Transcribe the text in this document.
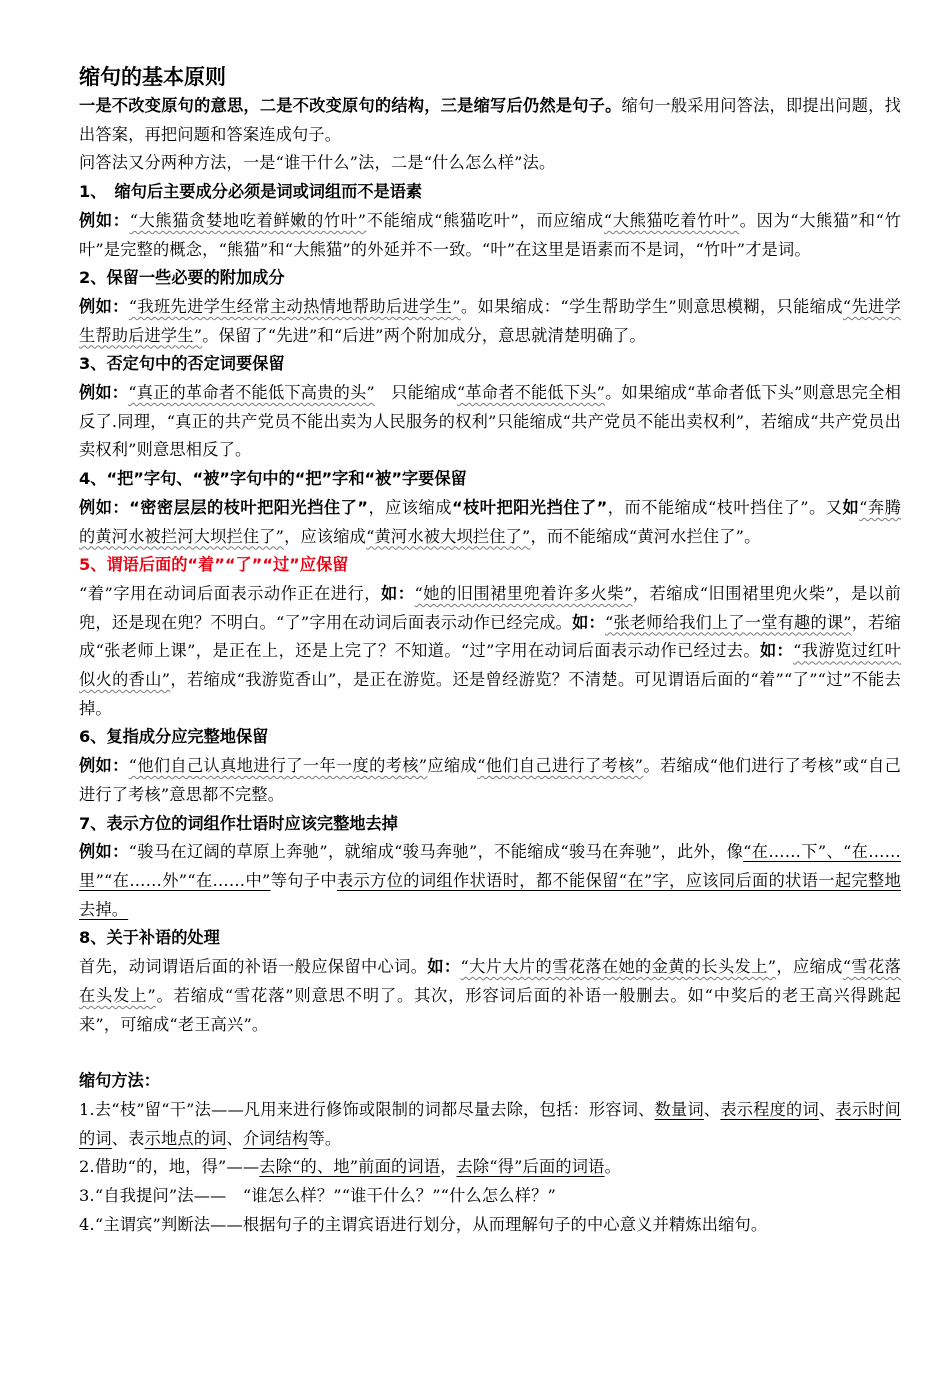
缩句的基本原则

一是不改变原句的意思，二是不改变原句的结构，三是缩写后仍然是句子。缩句一般采用问答法，即提出问题，找出答案，再把问题和答案连成句子。

问答法又分两种方法，一是“谁干什么”法，二是“什么怎么样”法。

1、　缩句后主要成分必须是词或词组而不是语素

例如：“大熊猫贪婪地吃着鲜嫩的竹叶”不能缩成“熊猫吃叶”，而应缩成“大熊猫吃着竹叶”。因为“大熊猫”和“竹叶”是完整的概念，“熊猫”和“大熊猫”的外延并不一致。“叶”在这里是语素而不是词，“竹叶”才是词。

2、保留一些必要的附加成分

例如：“我班先进学生经常主动热情地帮助后进学生”。如果缩成：“学生帮助学生”则意思模糊，只能缩成“先进学生帮助后进学生”。保留了“先进”和“后进”两个附加成分，意思就清楚明确了。

3、否定句中的否定词要保留

例如：“真正的革命者不能低下高贵的头”　只能缩成“革命者不能低下头”。如果缩成“革命者低下头”则意思完全相反了.同理，“真正的共产党员不能出卖为人民服务的权利”只能缩成“共产党员不能出卖权利”，若缩成“共产党员出卖权利”则意思相反了。

4、“把”字句、“被”字句中的“把”字和“被”字要保留

例如：“密密层层的枝叶把阳光挡住了”，应该缩成“枝叶把阳光挡住了”，而不能缩成“枝叶挡住了”。又如“奔腾的黄河水被拦河大坝拦住了”，应该缩成“黄河水被大坝拦住了”，而不能缩成“黄河水拦住了”。

5、谓语后面的“着”“了”“过”应保留

“着”字用在动词后面表示动作正在进行，如：“她的旧围裙里兜着许多火柴”，若缩成“旧围裙里兜火柴”，是以前兜，还是现在兜？不明白。“了”字用在动词后面表示动作已经完成。如：“张老师给我们上了一堂有趣的课”，若缩成“张老师上课”，是正在上，还是上完了？不知道。“过”字用在动词后面表示动作已经过去。如：“我游览过红叶似火的香山”，若缩成“我游览香山”，是正在游览。还是曾经游览？不清楚。可见谓语后面的“着”“了”“过”不能去掉。

6、复指成分应完整地保留

例如：“他们自己认真地进行了一年一度的考核”应缩成“他们自己进行了考核”。若缩成“他们进行了考核”或“自己进行了考核”意思都不完整。

7、表示方位的词组作壮语时应该完整地去掉

例如：“骏马在辽阔的草原上奔驰”，就缩成“骏马奔驰”，不能缩成“骏马在奔驰”，此外，像“在……下”、“在……里”“在……外”“在……中”等句子中表示方位的词组作状语时，都不能保留“在”字，应该同后面的状语一起完整地去掉。

8、关于补语的处理

首先，动词谓语后面的补语一般应保留中心词。如：“大片大片的雪花落在她的金黄的长头发上”，应缩成“雪花落在头发上”。若缩成“雪花落”则意思不明了。其次，形容词后面的补语一般删去。如“中奖后的老王高兴得跳起来”，可缩成“老王高兴”。

缩句方法：

1.去“枝”留“干”法——凡用来进行修饰或限制的词都尽量去除，包括：形容词、数量词、表示程度的词、表示时间的词、表示地点的词、介词结构等。

2.借助“的，地，得”——去除“的、地”前面的词语，去除“得”后面的词语。

3.“自我提问”法——　“谁怎么样？”“谁干什么？”“什么怎么样？”

4.“主谓宾”判断法——根据句子的主谓宾语进行划分，从而理解句子的中心意义并精炼出缩句。
